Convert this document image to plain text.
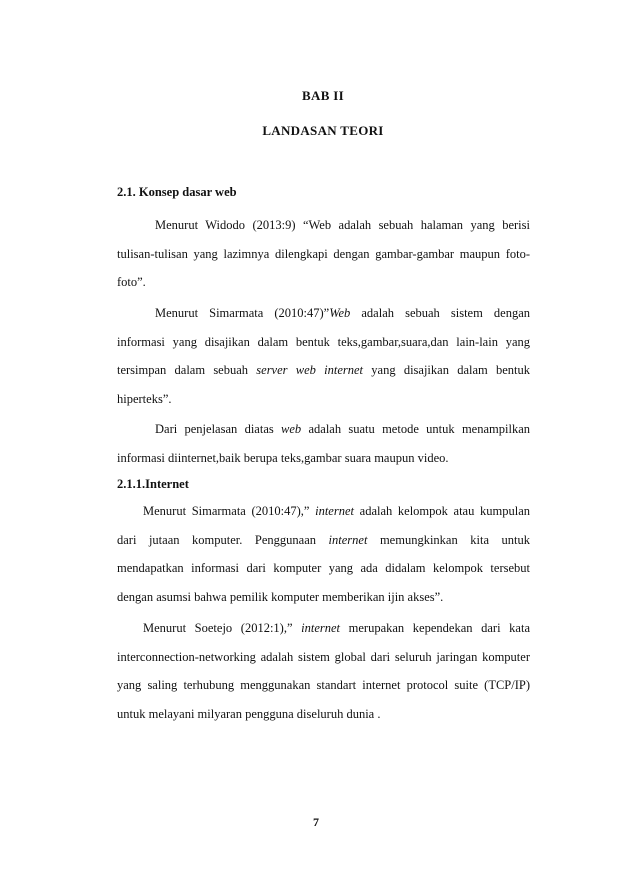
BAB II
LANDASAN TEORI
2.1. Konsep dasar web
Menurut Widodo (2013:9) “Web adalah sebuah halaman yang berisi tulisan-tulisan yang lazimnya dilengkapi dengan gambar-gambar maupun foto-foto”.
Menurut Simarmata (2010:47)”Web adalah sebuah sistem dengan informasi yang disajikan dalam bentuk teks,gambar,suara,dan lain-lain yang tersimpan dalam sebuah server web internet yang disajikan dalam bentuk hiperteks”.
Dari penjelasan diatas web adalah suatu metode untuk menampilkan informasi diinternet,baik berupa teks,gambar suara maupun video.
2.1.1.Internet
Menurut Simarmata (2010:47),” internet adalah kelompok atau kumpulan dari jutaan komputer. Penggunaan internet memungkinkan kita untuk mendapatkan informasi dari komputer yang ada didalam kelompok tersebut dengan asumsi bahwa pemilik komputer memberikan ijin akses”.
Menurut Soetejo (2012:1),” internet merupakan kependekan dari kata interconnection-networking adalah sistem global dari seluruh jaringan komputer yang saling terhubung menggunakan standart internet protocol suite (TCP/IP) untuk melayani milyaran pengguna diseluruh dunia .
7
